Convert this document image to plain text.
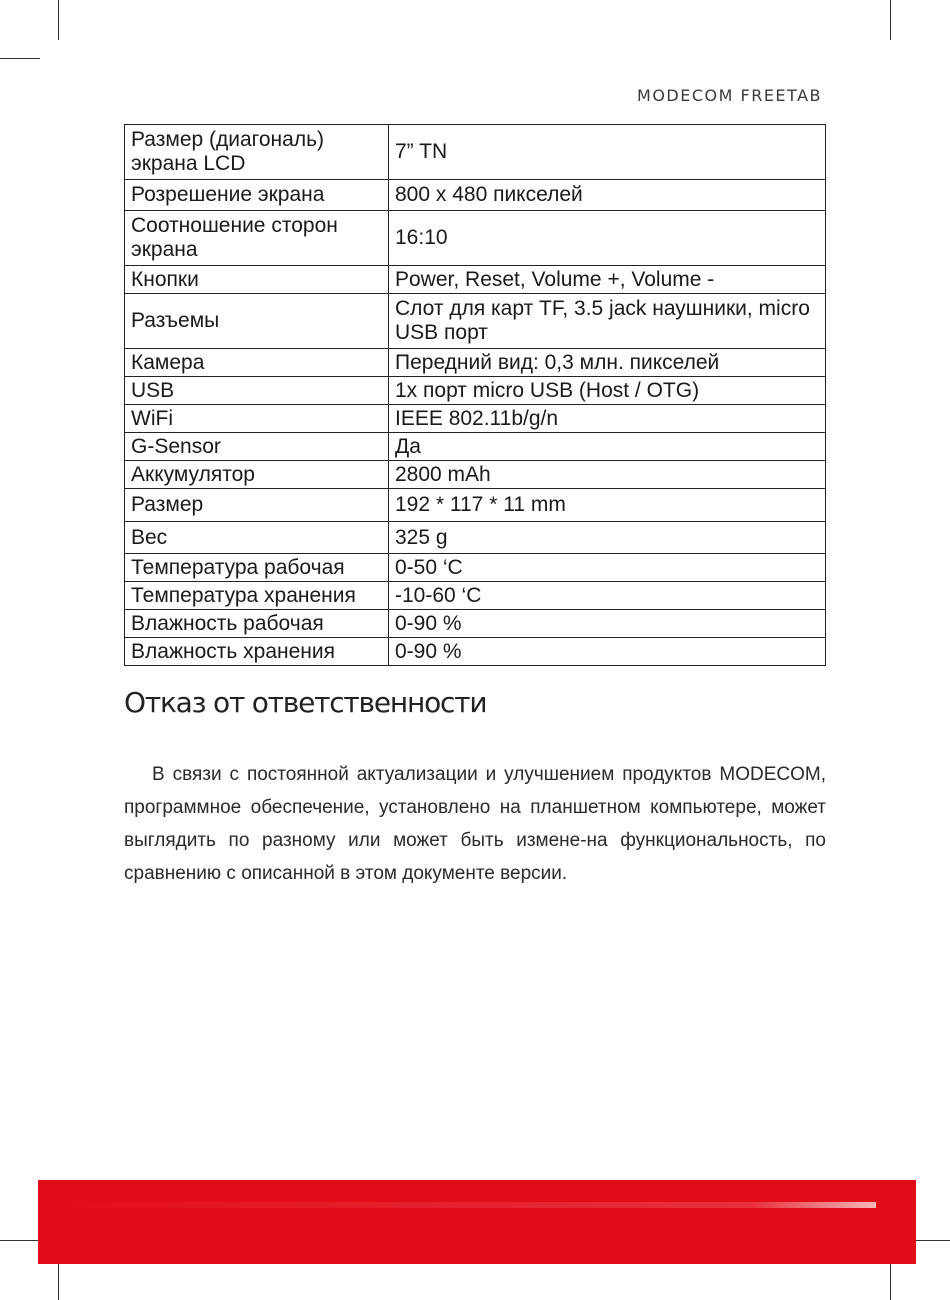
MODECOM FREETAB
Размер (диагональ) экрана LCD	7” TN
Розрешение экрана	800 x 480 пикселей
Соотношение сторон экрана	16:10
Кнопки	Power, Reset, Volume +, Volume -
Разъемы	Слот для карт TF, 3.5 jack наушники, micro USB порт
Камера	Передний вид: 0,3 млн. пикселей
USB	1x порт micro USB (Host / OTG)
WiFi	IEEE 802.11b/g/n
G-Sensor	Да
Аккумулятор	2800 mAh
Размер	192 * 117 * 11 mm
Вес	325 g
Температура рабочая	0-50 ‘C
Температура хранения	-10-60 ‘C
Влажность рабочая	0-90 %
Влажность хранения	0-90 %
Отказ от ответственности
В связи с постоянной актуализации и улучшением продуктов MODECOM, программное обеспечение, установлено на планшетном компьютере, может выглядить по разному или может быть измене-на функциональность, по сравнению с описанной в этом документе версии.
